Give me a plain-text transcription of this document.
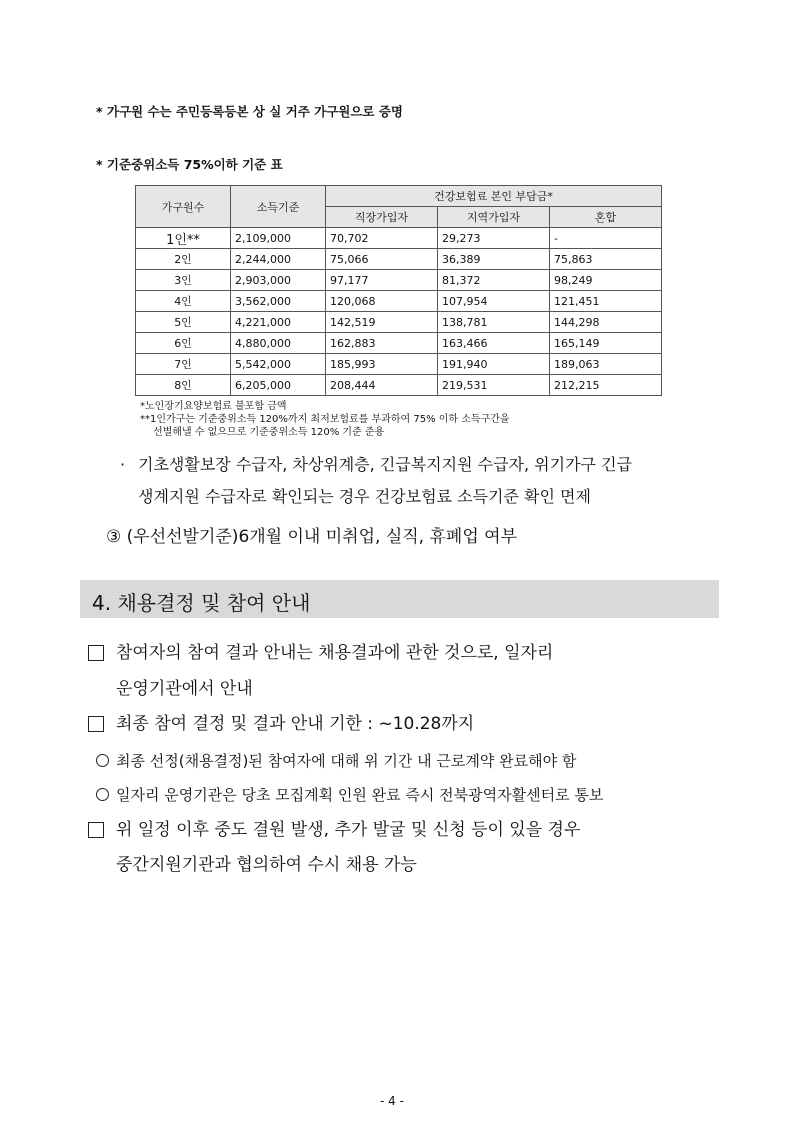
* 가구원 수는 주민등록등본 상 실 거주 가구원으로 증명
* 기준중위소득 75%이하 기준 표
가구원수	소득기준	건강보험료 본인 부담금*		
		직장가입자	지역가입자	혼합
1인**	2,109,000	70,702	29,273	-
2인	2,244,000	75,066	36,389	75,863
3인	2,903,000	97,177	81,372	98,249
4인	3,562,000	120,068	107,954	121,451
5인	4,221,000	142,519	138,781	144,298
6인	4,880,000	162,883	163,466	165,149
7인	5,542,000	185,993	191,940	189,063
8인	6,205,000	208,444	219,531	212,215
*노인장기요양보험료 불포함 금액
**1인가구는 기준중위소득 120%까지 최저보험료를 부과하여 75% 이하 소득구간을
선별해낼 수 없으므로 기준중위소득 120% 기준 준용
· 기초생활보장 수급자, 차상위계층, 긴급복지지원 수급자, 위기가구 긴급
생계지원 수급자로 확인되는 경우 건강보험료 소득기준 확인 면제
③ (우선선발기준)6개월 이내 미취업, 실직, 휴폐업 여부
4. 채용결정 및 참여 안내
참여자의 참여 결과 안내는 채용결과에 관한 것으로, 일자리
운영기관에서 안내
최종 참여 결정 및 결과 안내 기한 : ~10.28까지
최종 선정(채용결정)된 참여자에 대해 위 기간 내 근로계약 완료해야 함
일자리 운영기관은 당초 모집계획 인원 완료 즉시 전북광역자활센터로 통보
위 일정 이후 중도 결원 발생, 추가 발굴 및 신청 등이 있을 경우
중간지원기관과 협의하여 수시 채용 가능
- 4 -
